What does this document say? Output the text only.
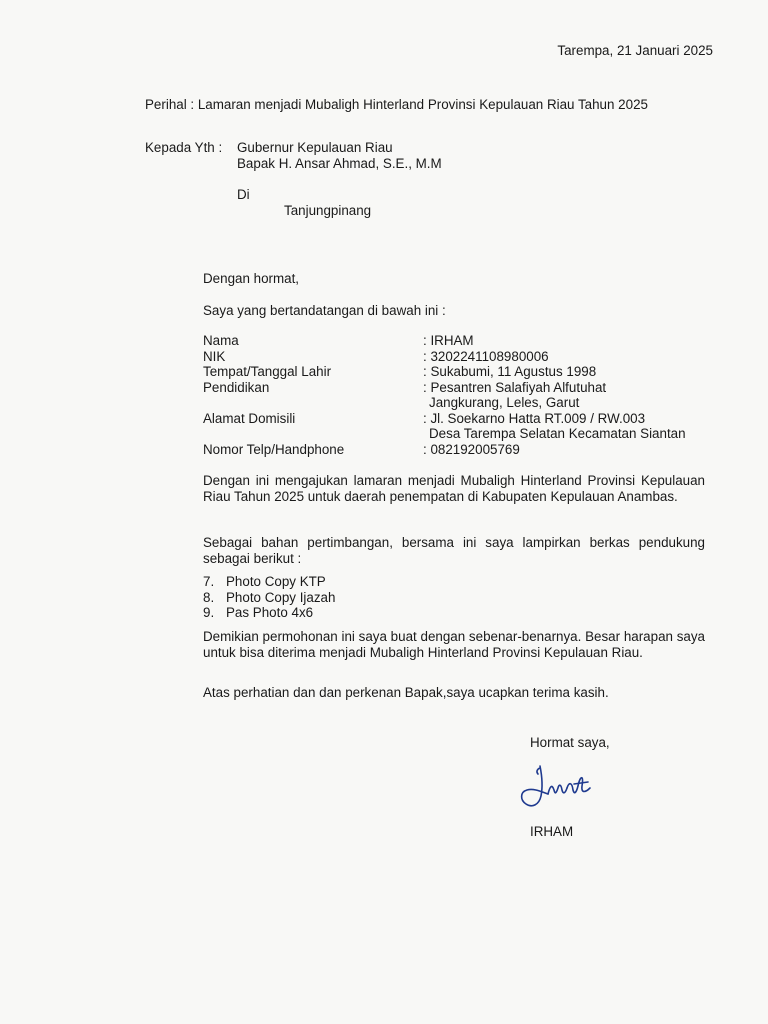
Tarempa, 21 Januari 2025
Perihal : Lamaran menjadi Mubaligh Hinterland Provinsi Kepulauan Riau Tahun 2025
Kepada Yth : Gubernur Kepulauan Riau
Bapak H. Ansar Ahmad, S.E., M.M
Di
Tanjungpinang
Dengan hormat,
Saya yang bertandatangan di bawah ini :
Nama	: IRHAM
NIK	: 3202241108980006
Tempat/Tanggal Lahir	: Sukabumi, 11 Agustus 1998
Pendidikan	: Pesantren Salafiyah Alfutuhat
Jangkurang, Leles, Garut
Alamat Domisili	: Jl. Soekarno Hatta RT.009 / RW.003
Desa Tarempa Selatan Kecamatan Siantan
Nomor Telp/Handphone	: 082192005769
Dengan ini mengajukan lamaran menjadi Mubaligh Hinterland Provinsi Kepulauan Riau Tahun 2025 untuk daerah penempatan di Kabupaten Kepulauan Anambas.
Sebagai bahan pertimbangan, bersama ini saya lampirkan berkas pendukung sebagai berikut :
7. Photo Copy KTP
8. Photo Copy Ijazah
9. Pas Photo 4x6
Demikian permohonan ini saya buat dengan sebenar-benarnya. Besar harapan saya untuk bisa diterima menjadi Mubaligh Hinterland Provinsi Kepulauan Riau.
Atas perhatian dan dan perkenan Bapak,saya ucapkan terima kasih.
Hormat saya,
IRHAM
